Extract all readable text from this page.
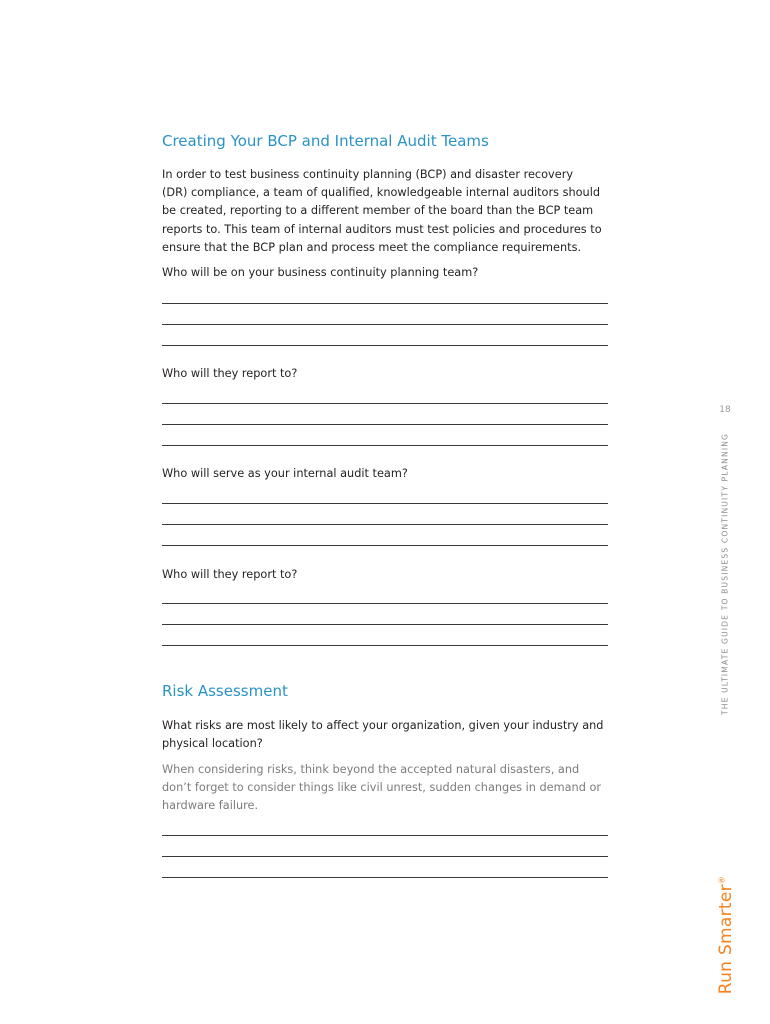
Creating Your BCP and Internal Audit Teams
In order to test business continuity planning (BCP) and disaster recovery
(DR) compliance, a team of qualified, knowledgeable internal auditors should
be created, reporting to a different member of the board than the BCP team
reports to. This team of internal auditors must test policies and procedures to
ensure that the BCP plan and process meet the compliance requirements.
Who will be on your business continuity planning team?
Who will they report to?
Who will serve as your internal audit team?
Who will they report to?
Risk Assessment
What risks are most likely to affect your organization, given your industry and
physical location?
When considering risks, think beyond the accepted natural disasters, and
don’t forget to consider things like civil unrest, sudden changes in demand or
hardware failure.
18
THE ULTIMATE GUIDE TO BUSINESS CONTINUITY PLANNING
Run Smarter®
